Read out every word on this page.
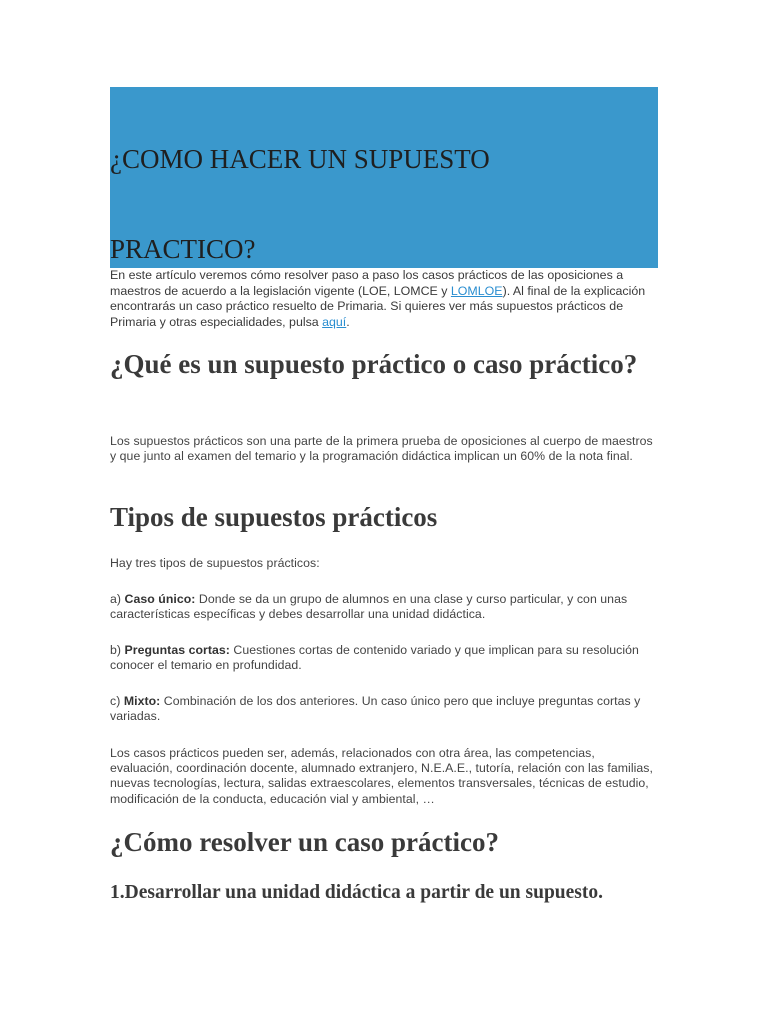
¿COMO HACER UN SUPUESTO
PRACTICO?
En este artículo veremos cómo resolver paso a paso los casos prácticos de las oposiciones a maestros de acuerdo a la legislación vigente (LOE, LOMCE y LOMLOE). Al final de la explicación encontrarás un caso práctico resuelto de Primaria. Si quieres ver más supuestos prácticos de Primaria y otras especialidades, pulsa aquí.
¿Qué es un supuesto práctico o caso práctico?

Los supuestos prácticos son una parte de la primera prueba de oposiciones al cuerpo de maestros y que junto al examen del temario y la programación didáctica implican un 60% de la nota final.

Tipos de supuestos prácticos

Hay tres tipos de supuestos prácticos:

a) Caso único: Donde se da un grupo de alumnos en una clase y curso particular, y con unas características específicas y debes desarrollar una unidad didáctica.

b) Preguntas cortas: Cuestiones cortas de contenido variado y que implican para su resolución conocer el temario en profundidad.

c) Mixto: Combinación de los dos anteriores. Un caso único pero que incluye preguntas cortas y variadas.

Los casos prácticos pueden ser, además, relacionados con otra área, las competencias, evaluación, coordinación docente, alumnado extranjero, N.E.A.E., tutoría, relación con las familias, nuevas tecnologías, lectura, salidas extraescolares, elementos transversales, técnicas de estudio, modificación de la conducta, educación vial y ambiental, …

¿Cómo resolver un caso práctico?
1.Desarrollar una unidad didáctica a partir de un supuesto.
